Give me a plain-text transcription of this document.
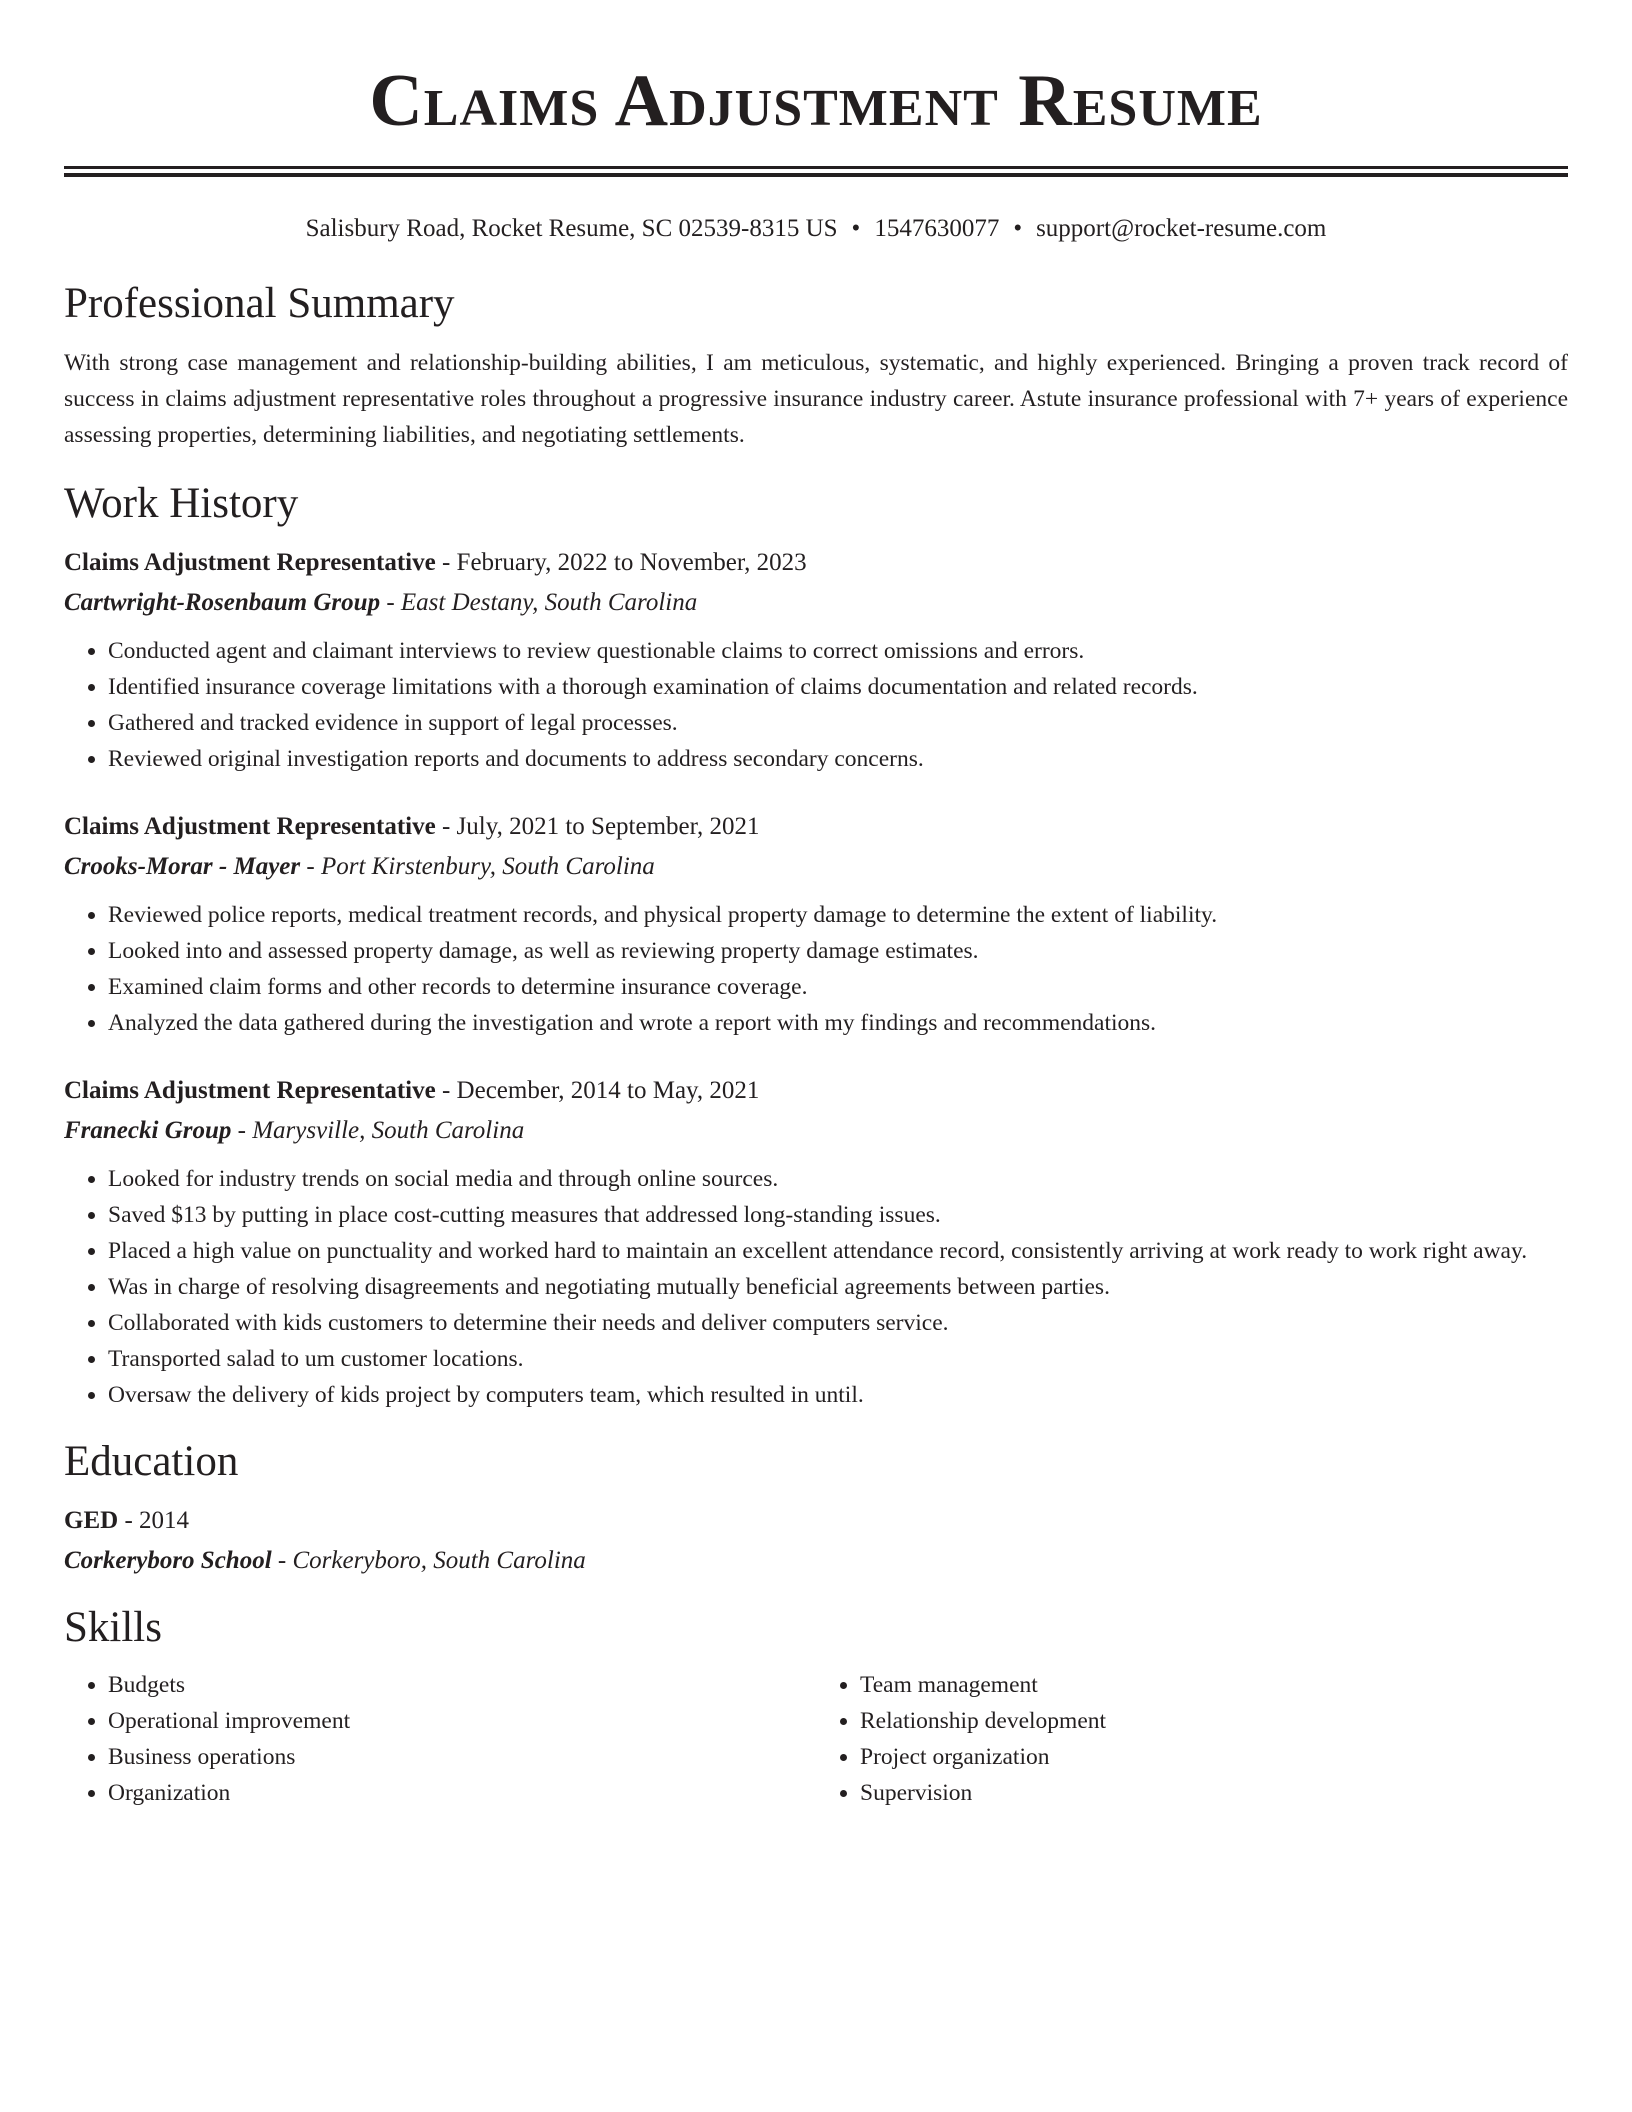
Claims Adjustment Resume
Salisbury Road, Rocket Resume, SC 02539-8315 US • 1547630077 • support@rocket-resume.com
Professional Summary

With strong case management and relationship-building abilities, I am meticulous, systematic, and highly experienced. Bringing a proven track record of success in claims adjustment representative roles throughout a progressive insurance industry career. Astute insurance professional with 7+ years of experience assessing properties, determining liabilities, and negotiating settlements.

Work History
Claims Adjustment Representative - February, 2022 to November, 2023
Cartwright-Rosenbaum Group - East Destany, South Carolina
• Conducted agent and claimant interviews to review questionable claims to correct omissions and errors.
• Identified insurance coverage limitations with a thorough examination of claims documentation and related records.
• Gathered and tracked evidence in support of legal processes.
• Reviewed original investigation reports and documents to address secondary concerns.
Claims Adjustment Representative - July, 2021 to September, 2021
Crooks-Morar - Mayer - Port Kirstenbury, South Carolina
• Reviewed police reports, medical treatment records, and physical property damage to determine the extent of liability.
• Looked into and assessed property damage, as well as reviewing property damage estimates.
• Examined claim forms and other records to determine insurance coverage.
• Analyzed the data gathered during the investigation and wrote a report with my findings and recommendations.
Claims Adjustment Representative - December, 2014 to May, 2021
Franecki Group - Marysville, South Carolina
• Looked for industry trends on social media and through online sources.
• Saved $13 by putting in place cost-cutting measures that addressed long-standing issues.
• Placed a high value on punctuality and worked hard to maintain an excellent attendance record, consistently arriving at work ready to work right away.
• Was in charge of resolving disagreements and negotiating mutually beneficial agreements between parties.
• Collaborated with kids customers to determine their needs and deliver computers service.
• Transported salad to um customer locations.
• Oversaw the delivery of kids project by computers team, which resulted in until.
Education
GED - 2014
Corkeryboro School - Corkeryboro, South Carolina
Skills
• Budgets
• Operational improvement
• Business operations
• Organization
• Team management
• Relationship development
• Project organization
• Supervision
